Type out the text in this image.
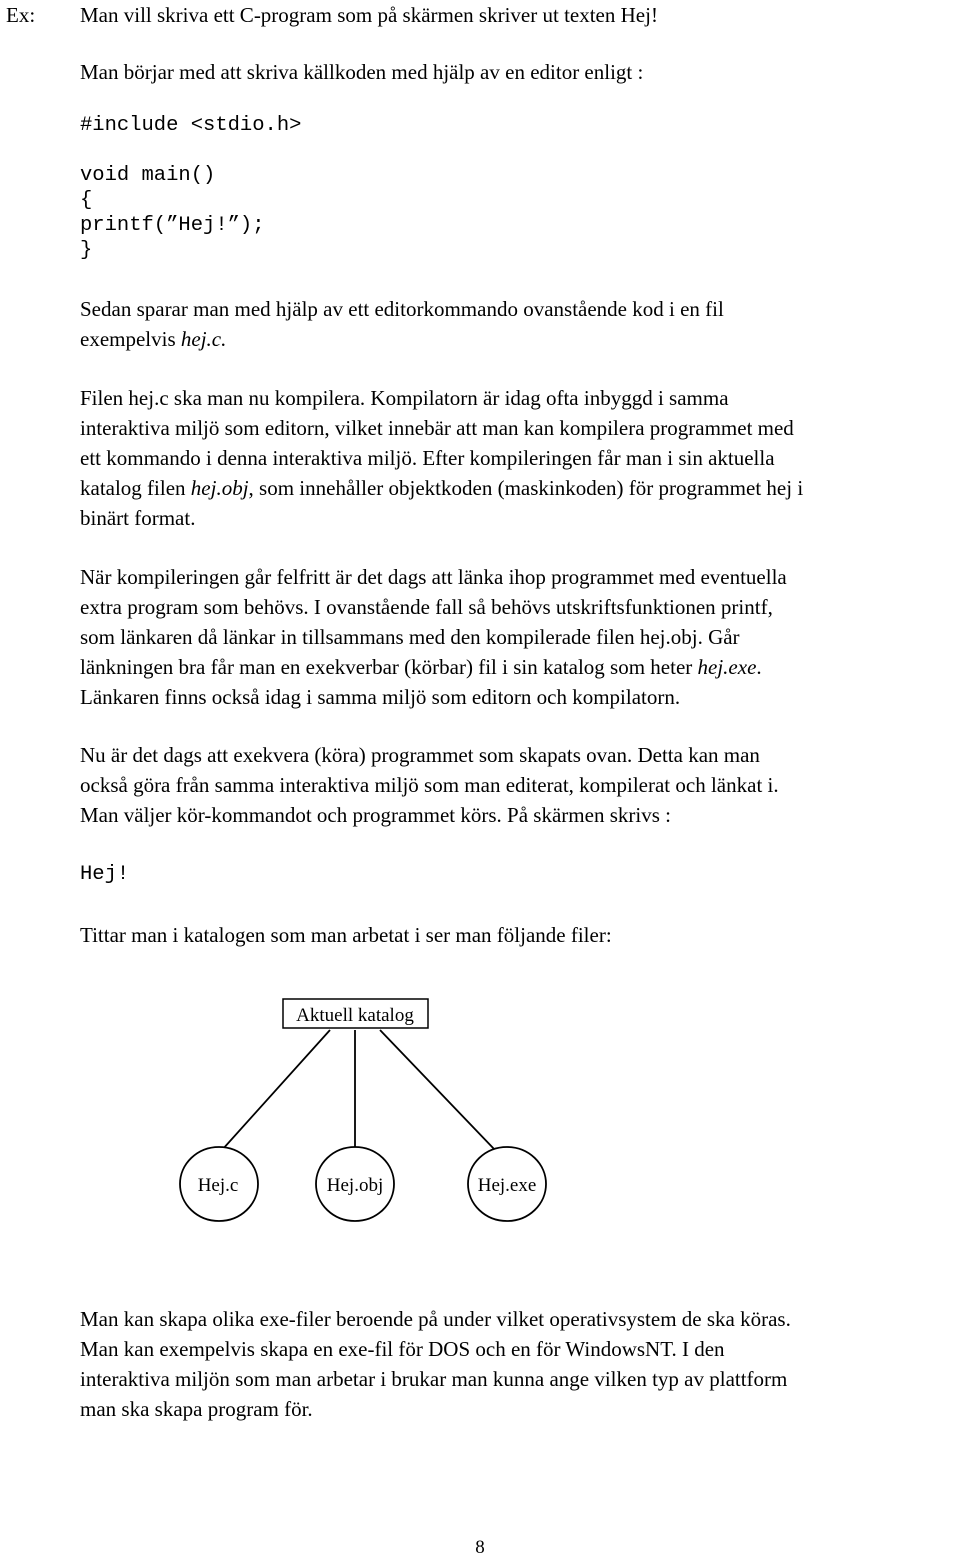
Ex: Man vill skriva ett C-program som på skärmen skriver ut texten Hej!
Man börjar med att skriva källkoden med hjälp av en editor enligt :
#include <stdio.h>
void main()
{
printf(”Hej!”);
}
Sedan sparar man med hjälp av ett editorkommando ovanstående kod i en fil
exempelvis hej.c.
Filen hej.c ska man nu kompilera. Kompilatorn är idag ofta inbyggd i samma
interaktiva miljö som editorn, vilket innebär att man kan kompilera programmet med
ett kommando i denna interaktiva miljö. Efter kompileringen får man i sin aktuella
katalog filen hej.obj, som innehåller objektkoden (maskinkoden) för programmet hej i
binärt format.
När kompileringen går felfritt är det dags att länka ihop programmet med eventuella
extra program som behövs. I ovanstående fall så behövs utskriftsfunktionen printf,
som länkaren då länkar in tillsammans med den kompilerade filen hej.obj. Går
länkningen bra får man en exekverbar (körbar) fil i sin katalog som heter hej.exe.
Länkaren finns också idag i samma miljö som editorn och kompilatorn.
Nu är det dags att exekvera (köra) programmet som skapats ovan. Detta kan man
också göra från samma interaktiva miljö som man editerat, kompilerat och länkat i.
Man väljer kör-kommandot och programmet körs. På skärmen skrivs :
Hej!
Tittar man i katalogen som man arbetat i ser man följande filer:
Aktuell katalog
Hej.c	Hej.obj	Hej.exe
Man kan skapa olika exe-filer beroende på under vilket operativsystem de ska köras.
Man kan exempelvis skapa en exe-fil för DOS och en för WindowsNT. I den
interaktiva miljön som man arbetar i brukar man kunna ange vilken typ av plattform
man ska skapa program för.
8
